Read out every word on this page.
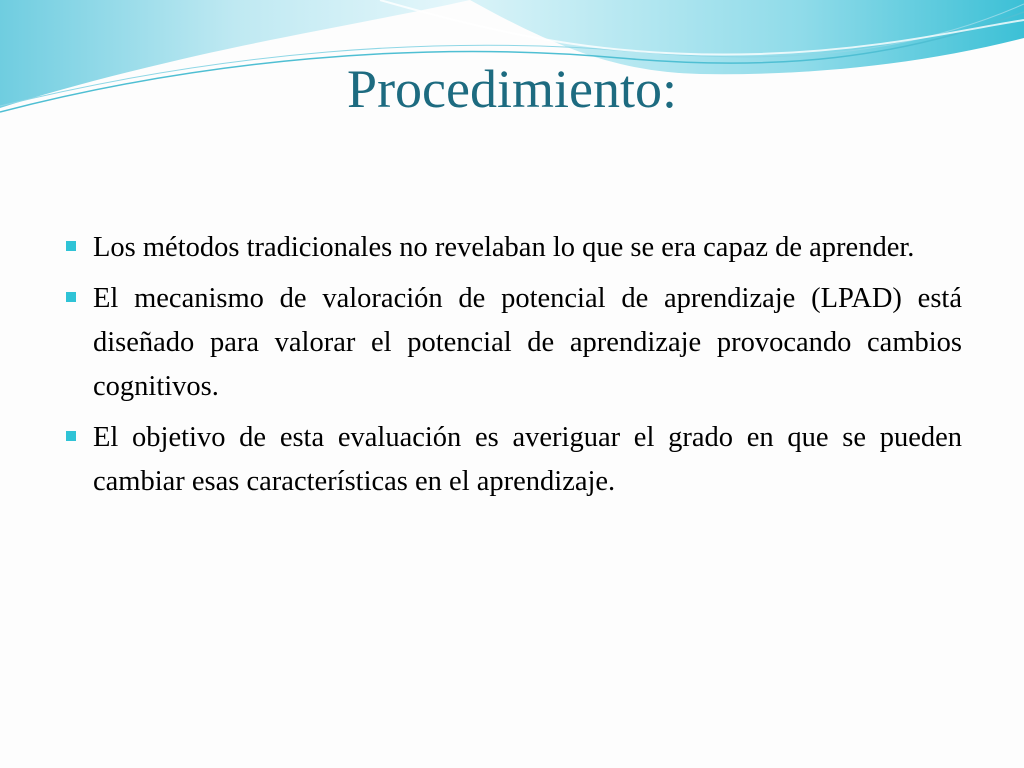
Procedimiento:
Los métodos tradicionales no revelaban lo que se era capaz de aprender.
El mecanismo de valoración de potencial de aprendizaje (LPAD) está diseñado para valorar el potencial de aprendizaje provocando cambios cognitivos.
El objetivo de esta evaluación es averiguar el grado en que se pueden cambiar esas características en el aprendizaje.
